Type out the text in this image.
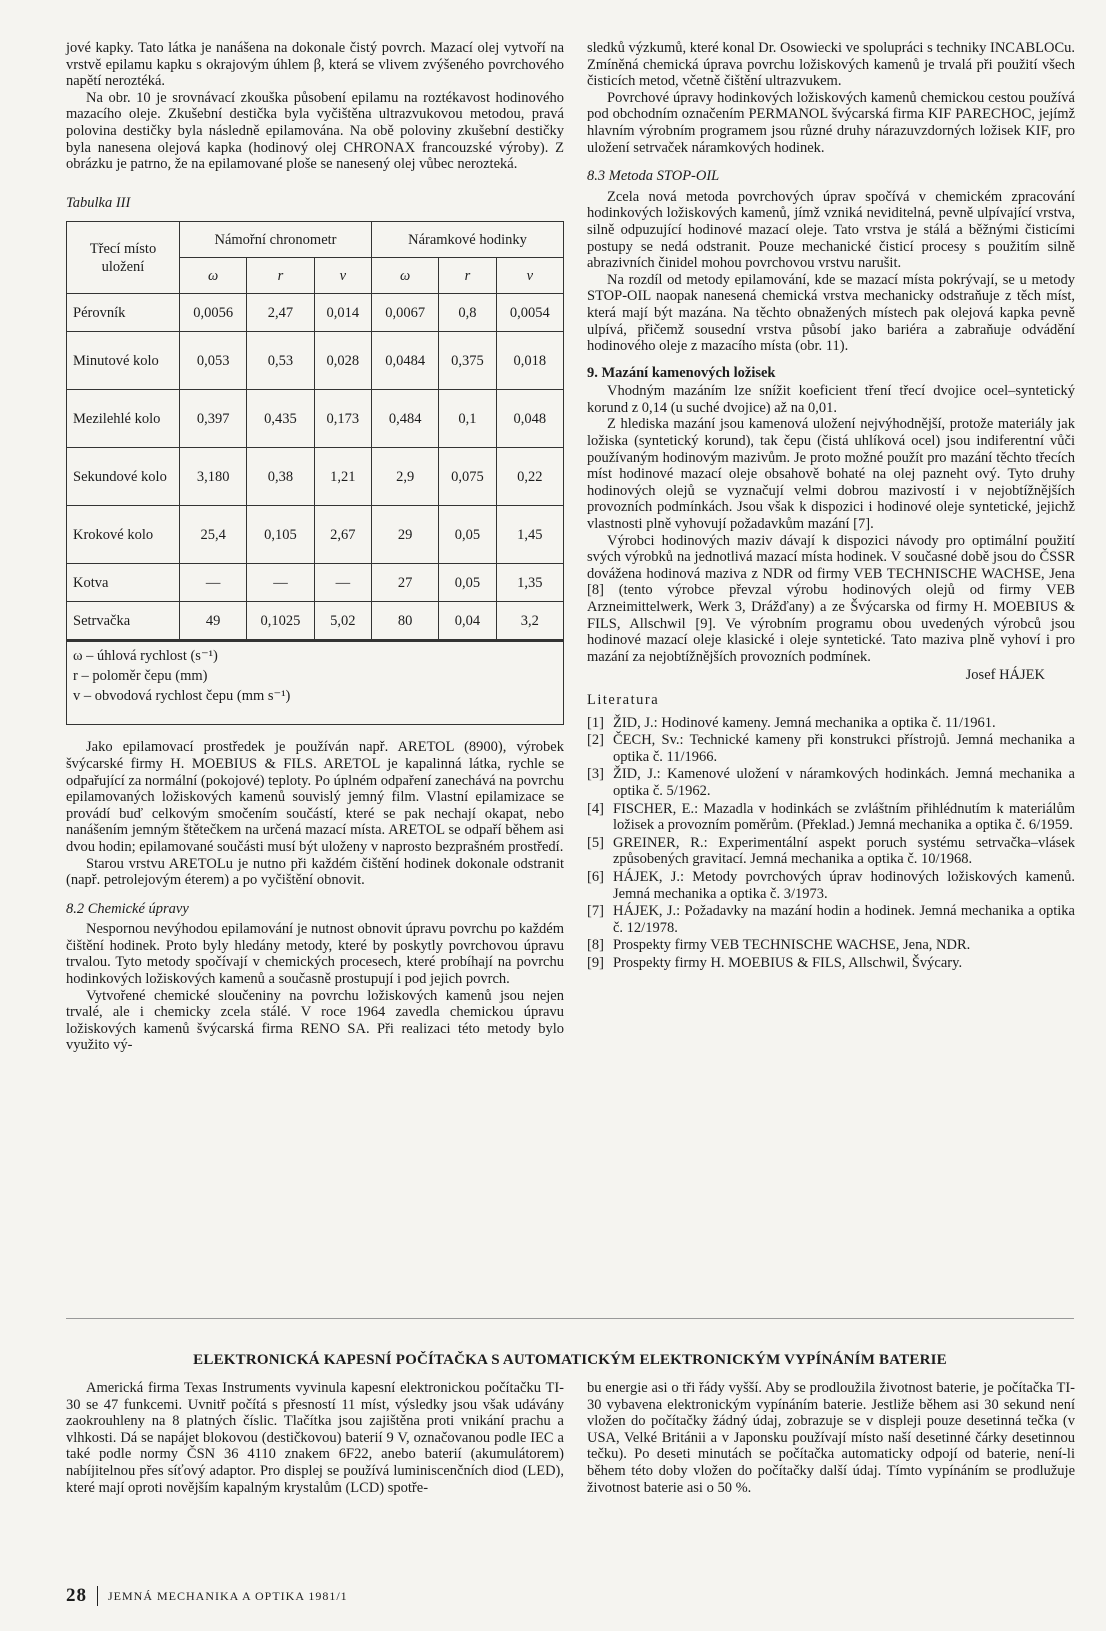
jové kapky. Tato látka je nanášena na dokonale čistý povrch. Mazací olej vytvoří na vrstvě epilamu kapku s okrajovým úhlem β, která se vlivem zvýšeného povrchového napětí neroztéká.

Na obr. 10 je srovnávací zkouška působení epilamu na roztékavost hodinového mazacího oleje. Zkušební destička byla vyčištěna ultrazvukovou metodou, pravá polovina destičky byla následně epilamována. Na obě poloviny zkušební destičky byla nanesena olejová kapka (hodinový olej CHRONAX francouzské výroby). Z obrázku je patrno, že na epilamované ploše se nanesený olej vůbec nerozteká.

Tabulka III
Třecí místo uložení	Námořní chronometr			Náramkové hodinky		
	ω	r	v	ω	r	v
Pérovník	0,0056	2,47	0,014	0,0067	0,8	0,0054
Minutové kolo	0,053	0,53	0,028	0,0484	0,375	0,018
Mezilehlé kolo	0,397	0,435	0,173	0,484	0,1	0,048
Sekundové kolo	3,180	0,38	1,21	2,9	0,075	0,22
Krokové kolo	25,4	0,105	2,67	29	0,05	1,45
Kotva	—	—	—	27	0,05	1,35
Setrvačka	49	0,1025	5,02	80	0,04	3,2
ω – úhlová rychlost (s⁻¹)
r – poloměr čepu (mm)
v – obvodová rychlost čepu (mm s⁻¹)

Jako epilamovací prostředek je používán např. ARETOL (8900), výrobek švýcarské firmy H. MOEBIUS & FILS. ARETOL je kapalinná látka, rychle se odpařující za normální (pokojové) teploty. Po úplném odpaření zanechává na povrchu epilamovaných ložiskových kamenů souvislý jemný film. Vlastní epilamizace se provádí buď celkovým smočením součástí, které se pak nechají okapat, nebo nanášením jemným štětečkem na určená mazací místa. ARETOL se odpaří během asi dvou hodin; epilamované součásti musí být uloženy v naprosto bezprašném prostředí.

Starou vrstvu ARETOLu je nutno při každém čištění hodinek dokonale odstranit (např. petrolejovým éterem) a po vyčištění obnovit.

8.2 Chemické úpravy

Nespornou nevýhodou epilamování je nutnost obnovit úpravu povrchu po každém čištění hodinek. Proto byly hledány metody, které by poskytly povrchovou úpravu trvalou. Tyto metody spočívají v chemických procesech, které probíhají na povrchu hodinkových ložiskových kamenů a současně prostupují i pod jejich povrch.

Vytvořené chemické sloučeniny na povrchu ložiskových kamenů jsou nejen trvalé, ale i chemicky zcela stálé. V roce 1964 zavedla chemickou úpravu ložiskových kamenů švýcarská firma RENO SA. Při realizaci této metody bylo využito vý-

sledků výzkumů, které konal Dr. Osowiecki ve spolupráci s techniky INCABLOCu. Zmíněná chemická úprava povrchu ložiskových kamenů je trvalá při použití všech čisticích metod, včetně čištění ultrazvukem.

Povrchové úpravy hodinkových ložiskových kamenů chemickou cestou používá pod obchodním označením PERMANOL švýcarská firma KIF PARECHOC, jejímž hlavním výrobním programem jsou různé druhy nárazuvzdorných ložisek KIF, pro uložení setrvaček náramkových hodinek.

8.3 Metoda STOP-OIL

Zcela nová metoda povrchových úprav spočívá v chemickém zpracování hodinkových ložiskových kamenů, jímž vzniká neviditelná, pevně ulpívající vrstva, silně odpuzující hodinové mazací oleje. Tato vrstva je stálá a běžnými čisticími postupy se nedá odstranit. Pouze mechanické čisticí procesy s použitím silně abrazivních činidel mohou povrchovou vrstvu narušit.

Na rozdíl od metody epilamování, kde se mazací místa pokrývají, se u metody STOP-OIL naopak nanesená chemická vrstva mechanicky odstraňuje z těch míst, která mají být mazána. Na těchto obnažených místech pak olejová kapka pevně ulpívá, přičemž sousední vrstva působí jako bariéra a zabraňuje odvádění hodinového oleje z mazacího místa (obr. 11).

9. Mazání kamenových ložisek

Vhodným mazáním lze snížit koeficient tření třecí dvojice ocel–syntetický korund z 0,14 (u suché dvojice) až na 0,01.

Z hlediska mazání jsou kamenová uložení nejvýhodnější, protože materiály jak ložiska (syntetický korund), tak čepu (čistá uhlíková ocel) jsou indiferentní vůči používaným hodinovým mazivům. Je proto možné použít pro mazání těchto třecích míst hodinové mazací oleje obsahově bohaté na olej pazneht ový. Tyto druhy hodinových olejů se vyznačují velmi dobrou mazivostí i v nejobtížnějších provozních podmínkách. Jsou však k dispozici i hodinové oleje syntetické, jejichž vlastnosti plně vyhovují požadavkům mazání [7].

Výrobci hodinových maziv dávají k dispozici návody pro optimální použití svých výrobků na jednotlivá mazací místa hodinek. V současné době jsou do ČSSR dovážena hodinová maziva z NDR od firmy VEB TECHNISCHE WACHSE, Jena [8] (tento výrobce převzal výrobu hodinových olejů od firmy VEB Arzneimittelwerk, Werk 3, Drážďany) a ze Švýcarska od firmy H. MOEBIUS & FILS, Allschwil [9]. Ve výrobním programu obou uvedených výrobců jsou hodinové mazací oleje klasické i oleje syntetické. Tato maziva plně vyhoví i pro mazání za nejobtížnějších provozních podmínek.

Josef HÁJEK
Literatura
[1] ŽID, J.: Hodinové kameny. Jemná mechanika a optika č. 11/1961.
[2] ČECH, Sv.: Technické kameny při konstrukci přístrojů. Jemná mechanika a optika č. 11/1966.
[3] ŽID, J.: Kamenové uložení v náramkových hodinkách. Jemná mechanika a optika č. 5/1962.
[4] FISCHER, E.: Mazadla v hodinkách se zvláštním přihlédnutím k materiálům ložisek a provozním poměrům. (Překlad.) Jemná mechanika a optika č. 6/1959.
[5] GREINER, R.: Experimentální aspekt poruch systému setrvačka–vlásek způsobených gravitací. Jemná mechanika a optika č. 10/1968.
[6] HÁJEK, J.: Metody povrchových úprav hodinových ložiskových kamenů. Jemná mechanika a optika č. 3/1973.
[7] HÁJEK, J.: Požadavky na mazání hodin a hodinek. Jemná mechanika a optika č. 12/1978.
[8] Prospekty firmy VEB TECHNISCHE WACHSE, Jena, NDR.
[9] Prospekty firmy H. MOEBIUS & FILS, Allschwil, Švýcary.
ELEKTRONICKÁ KAPESNÍ POČÍTAČKA S AUTOMATICKÝM ELEKTRONICKÝM VYPÍNÁNÍM BATERIE

Americká firma Texas Instruments vyvinula kapesní elektronickou počítačku TI-30 se 47 funkcemi. Uvnitř počítá s přesností 11 míst, výsledky jsou však udávány zaokrouhleny na 8 platných číslic. Tlačítka jsou zajištěna proti vnikání prachu a vlhkosti. Dá se napájet blokovou (destičkovou) baterií 9 V, označovanou podle IEC a také podle normy ČSN 36 4110 znakem 6F22, anebo baterií (akumulátorem) nabíjitelnou přes síťový adaptor. Pro displej se používá luminiscenčních diod (LED), které mají oproti novějším kapalným krystalům (LCD) spotře-

bu energie asi o tři řády vyšší. Aby se prodloužila životnost baterie, je počítačka TI-30 vybavena elektronickým vypínáním baterie. Jestliže během asi 30 sekund není vložen do počítačky žádný údaj, zobrazuje se v displeji pouze desetinná tečka (v USA, Velké Británii a v Japonsku používají místo naší desetinné čárky desetinnou tečku). Po deseti minutách se počítačka automaticky odpojí od baterie, není-li během této doby vložen do počítačky další údaj. Tímto vypínáním se prodlužuje životnost baterie asi o 50 %.

28 JEMNÁ MECHANIKA A OPTIKA 1981/1
